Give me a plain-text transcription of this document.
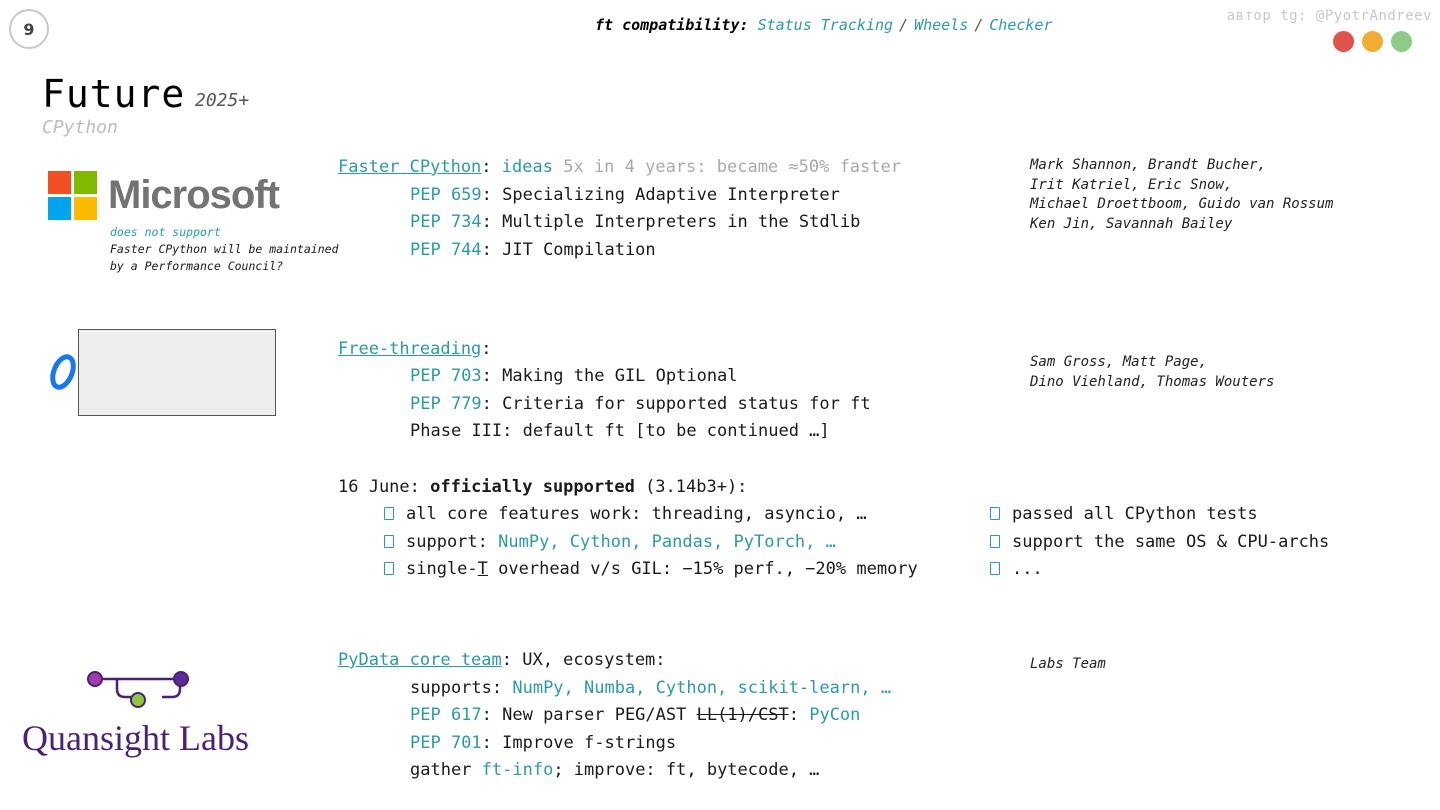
9	ft compatibility: Status Tracking / Wheels / Checker	автор tg: @PyotrAndreev
Future 2025+
CPython
Microsoft
does not support
Faster CPython will be maintained
by a Performance Council?
Faster CPython: ideas 5x in 4 years: became ≈50% faster
PEP 659: Specializing Adaptive Interpreter
PEP 734: Multiple Interpreters in the Stdlib
PEP 744: JIT Compilation
Mark Shannon, Brandt Bucher,
Irit Katriel, Eric Snow,
Michael Droettboom, Guido van Rossum
Ken Jin, Savannah Bailey
Free-threading:
PEP 703: Making the GIL Optional
PEP 779: Criteria for supported status for ft
Phase III: default ft [to be continued …]
Sam Gross, Matt Page,
Dino Viehland, Thomas Wouters
16 June: officially supported (3.14b3+):
all core features work: threading, asyncio, …
support: NumPy, Cython, Pandas, PyTorch, …
single-T overhead v/s GIL: −15% perf., −20% memory
passed all CPython tests
support the same OS & CPU-archs
...
Quansight Labs
PyData core team: UX, ecosystem:
supports: NumPy, Numba, Cython, scikit-learn, …
PEP 617: New parser PEG/AST LL(1)/CST: PyCon
PEP 701: Improve f-strings
gather ft-info; improve: ft, bytecode, …
Labs Team
